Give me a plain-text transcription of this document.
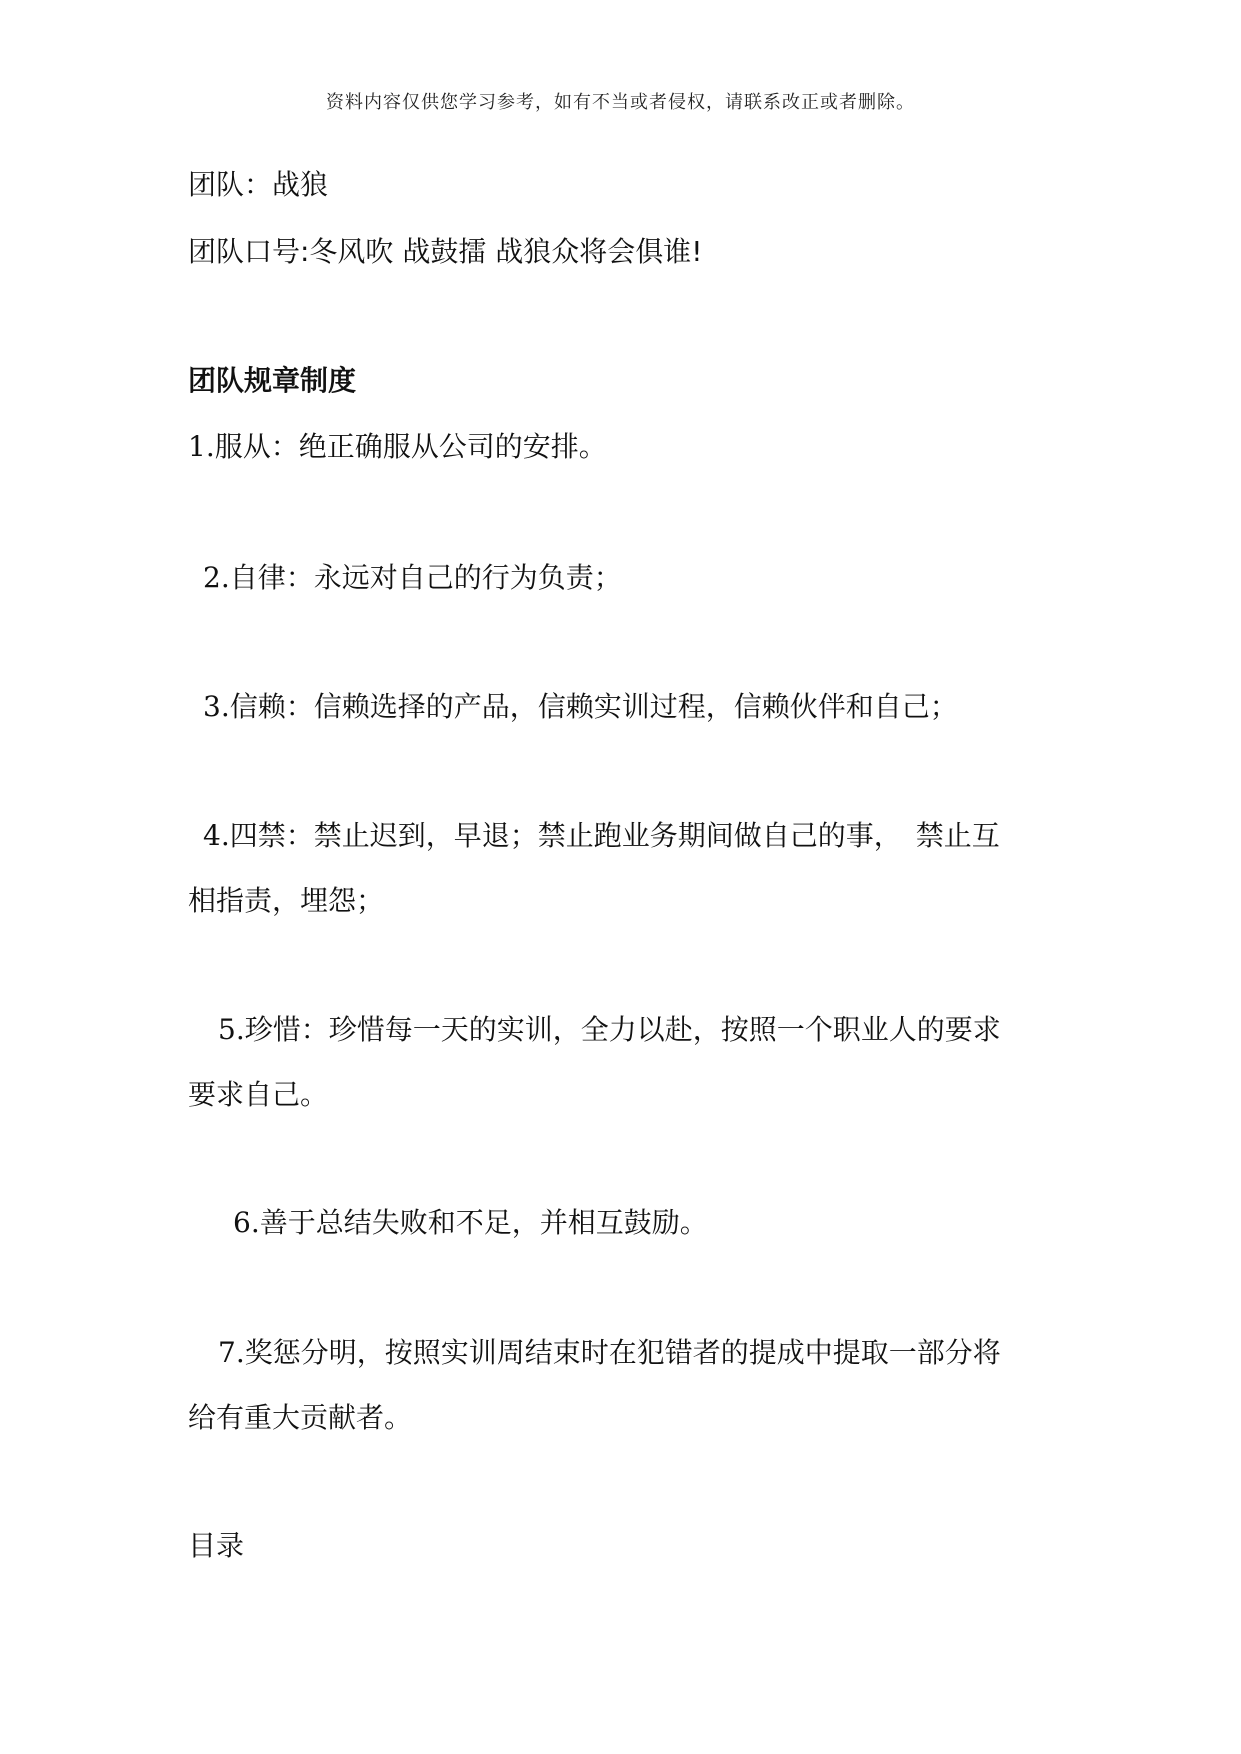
资料内容仅供您学习参考，如有不当或者侵权，请联系改正或者删除。
团队：战狼
团队口号:冬风吹 战鼓擂 战狼众将会俱谁!
团队规章制度
1.服从：绝正确服从公司的安排。
2.自律：永远对自己的行为负责；
3.信赖：信赖选择的产品，信赖实训过程，信赖伙伴和自己；
4.四禁：禁止迟到，早退；禁止跑业务期间做自己的事，　禁止互
相指责，埋怨；
5.珍惜：珍惜每一天的实训，全力以赴，按照一个职业人的要求
要求自己。
6.善于总结失败和不足，并相互鼓励。
7.奖惩分明，按照实训周结束时在犯错者的提成中提取一部分将
给有重大贡献者。
目录
